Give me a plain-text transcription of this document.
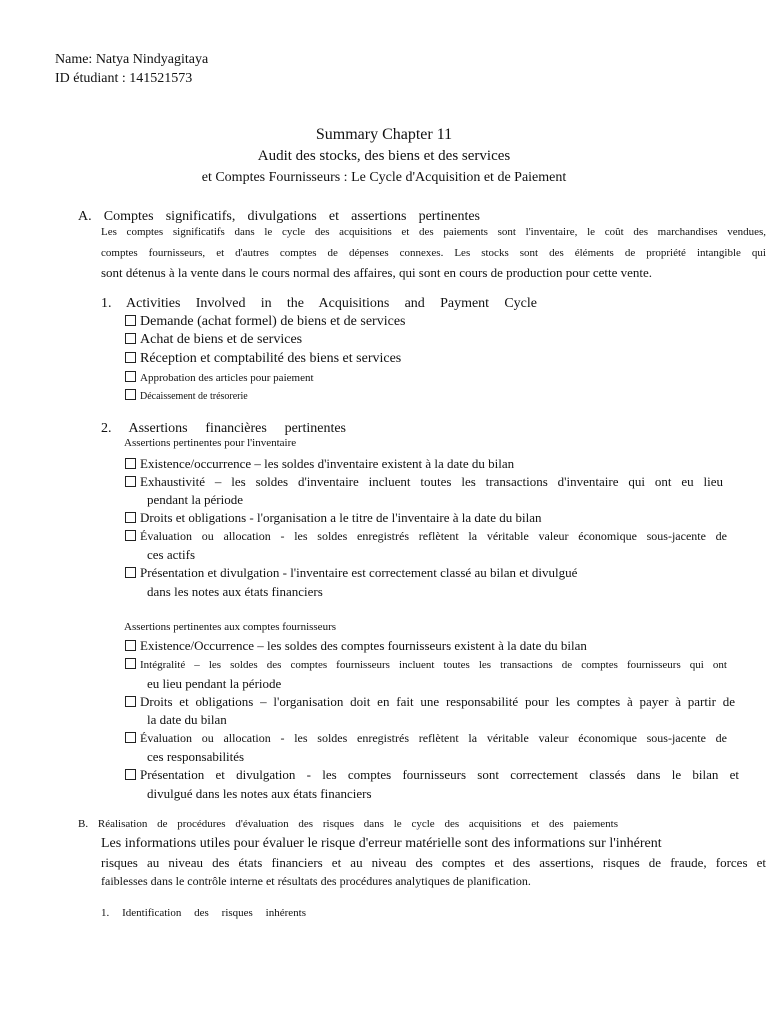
Name: Natya Nindyagitaya
ID étudiant : 141521573
Summary Chapter 11
Audit des stocks, des biens et des services
et Comptes Fournisseurs : Le Cycle d'Acquisition et de Paiement
A. Comptes significatifs, divulgations et assertions pertinentes
Les comptes significatifs dans le cycle des acquisitions et des paiements sont l'inventaire, le coût des marchandises vendues,
comptes fournisseurs, et d'autres comptes de dépenses connexes. Les stocks sont des éléments de propriété intangible qui
sont détenus à la vente dans le cours normal des affaires, qui sont en cours de production pour cette vente.
1. Activities Involved in the Acquisitions and Payment Cycle
Demande (achat formel) de biens et de services
Achat de biens et de services
Réception et comptabilité des biens et services
Approbation des articles pour paiement
Décaissement de trésorerie
2. Assertions financières pertinentes
Assertions pertinentes pour l'inventaire
Existence/occurrence – les soldes d'inventaire existent à la date du bilan
Exhaustivité – les soldes d'inventaire incluent toutes les transactions d'inventaire qui ont eu lieu
pendant la période
Droits et obligations - l'organisation a le titre de l'inventaire à la date du bilan
Évaluation ou allocation - les soldes enregistrés reflètent la véritable valeur économique sous-jacente de
ces actifs
Présentation et divulgation - l'inventaire est correctement classé au bilan et divulgué
dans les notes aux états financiers
Assertions pertinentes aux comptes fournisseurs
Existence/Occurrence – les soldes des comptes fournisseurs existent à la date du bilan
Intégralité – les soldes des comptes fournisseurs incluent toutes les transactions de comptes fournisseurs qui ont
eu lieu pendant la période
Droits et obligations – l'organisation doit en fait une responsabilité pour les comptes à payer à partir de
la date du bilan
Évaluation ou allocation - les soldes enregistrés reflètent la véritable valeur économique sous-jacente de
ces responsabilités
Présentation et divulgation - les comptes fournisseurs sont correctement classés dans le bilan et
divulgué dans les notes aux états financiers
B. Réalisation de procédures d'évaluation des risques dans le cycle des acquisitions et des paiements
Les informations utiles pour évaluer le risque d'erreur matérielle sont des informations sur l'inhérent
risques au niveau des états financiers et au niveau des comptes et des assertions, risques de fraude, forces et
faiblesses dans le contrôle interne et résultats des procédures analytiques de planification.
1. Identification des risques inhérents
